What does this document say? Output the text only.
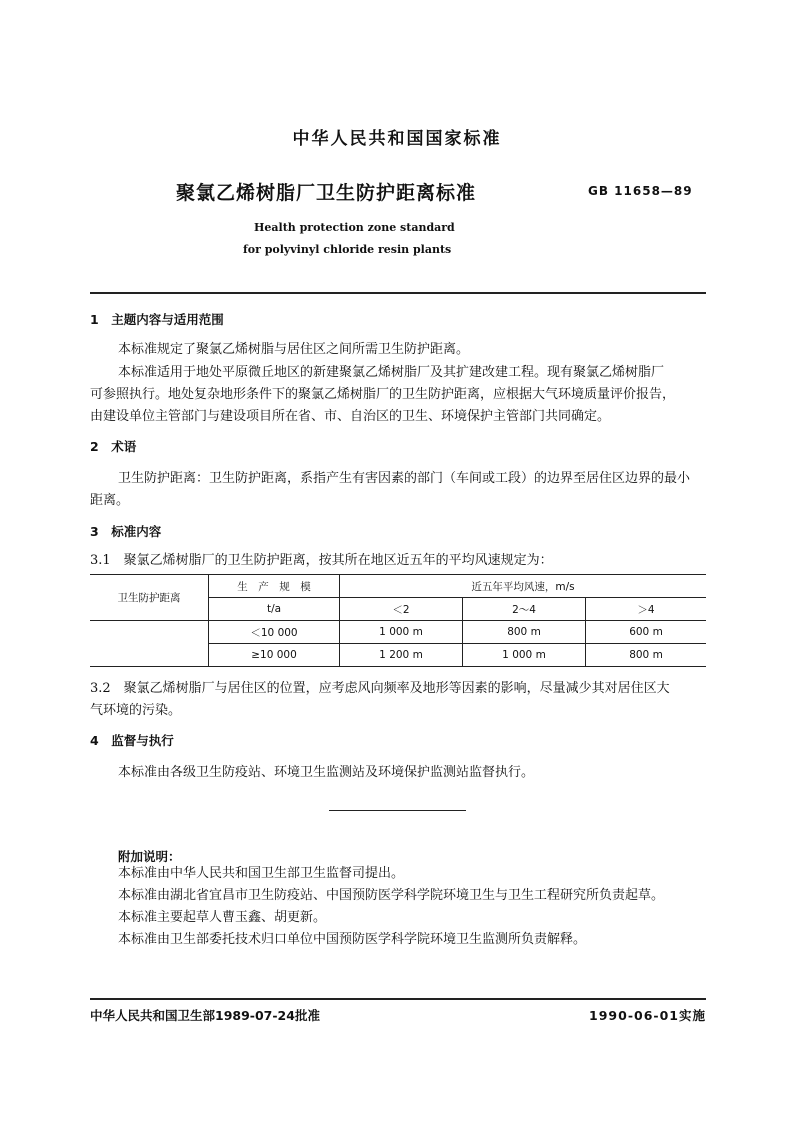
中华人民共和国国家标准
聚氯乙烯树脂厂卫生防护距离标准	GB 11658—89
Health protection zone standard
for polyvinyl chloride resin plants
1　主题内容与适用范围
本标准规定了聚氯乙烯树脂与居住区之间所需卫生防护距离。
本标准适用于地处平原微丘地区的新建聚氯乙烯树脂厂及其扩建改建工程。现有聚氯乙烯树脂厂
可参照执行。地处复杂地形条件下的聚氯乙烯树脂厂的卫生防护距离，应根据大气环境质量评价报告，
由建设单位主管部门与建设项目所在省、市、自治区的卫生、环境保护主管部门共同确定。
2　术语
卫生防护距离：卫生防护距离，系指产生有害因素的部门（车间或工段）的边界至居住区边界的最小
距离。
3　标准内容
3.1　聚氯乙烯树脂厂的卫生防护距离，按其所在地区近五年的平均风速规定为：
卫生防护距离	生　产　规　模	近五年平均风速，m/s		
	t/a	＜2	2～4	＞4
	＜10 000	1 000 m	800 m	600 m
	≥10 000	1 200 m	1 000 m	800 m
3.2　聚氯乙烯树脂厂与居住区的位置，应考虑风向频率及地形等因素的影响，尽量减少其对居住区大
气环境的污染。
4　监督与执行
本标准由各级卫生防疫站、环境卫生监测站及环境保护监测站监督执行。
附加说明：
本标准由中华人民共和国卫生部卫生监督司提出。
本标准由湖北省宜昌市卫生防疫站、中国预防医学科学院环境卫生与卫生工程研究所负责起草。
本标准主要起草人曹玉鑫、胡更新。
本标准由卫生部委托技术归口单位中国预防医学科学院环境卫生监测所负责解释。
中华人民共和国卫生部1989-07-24批准	1990-06-01实施
